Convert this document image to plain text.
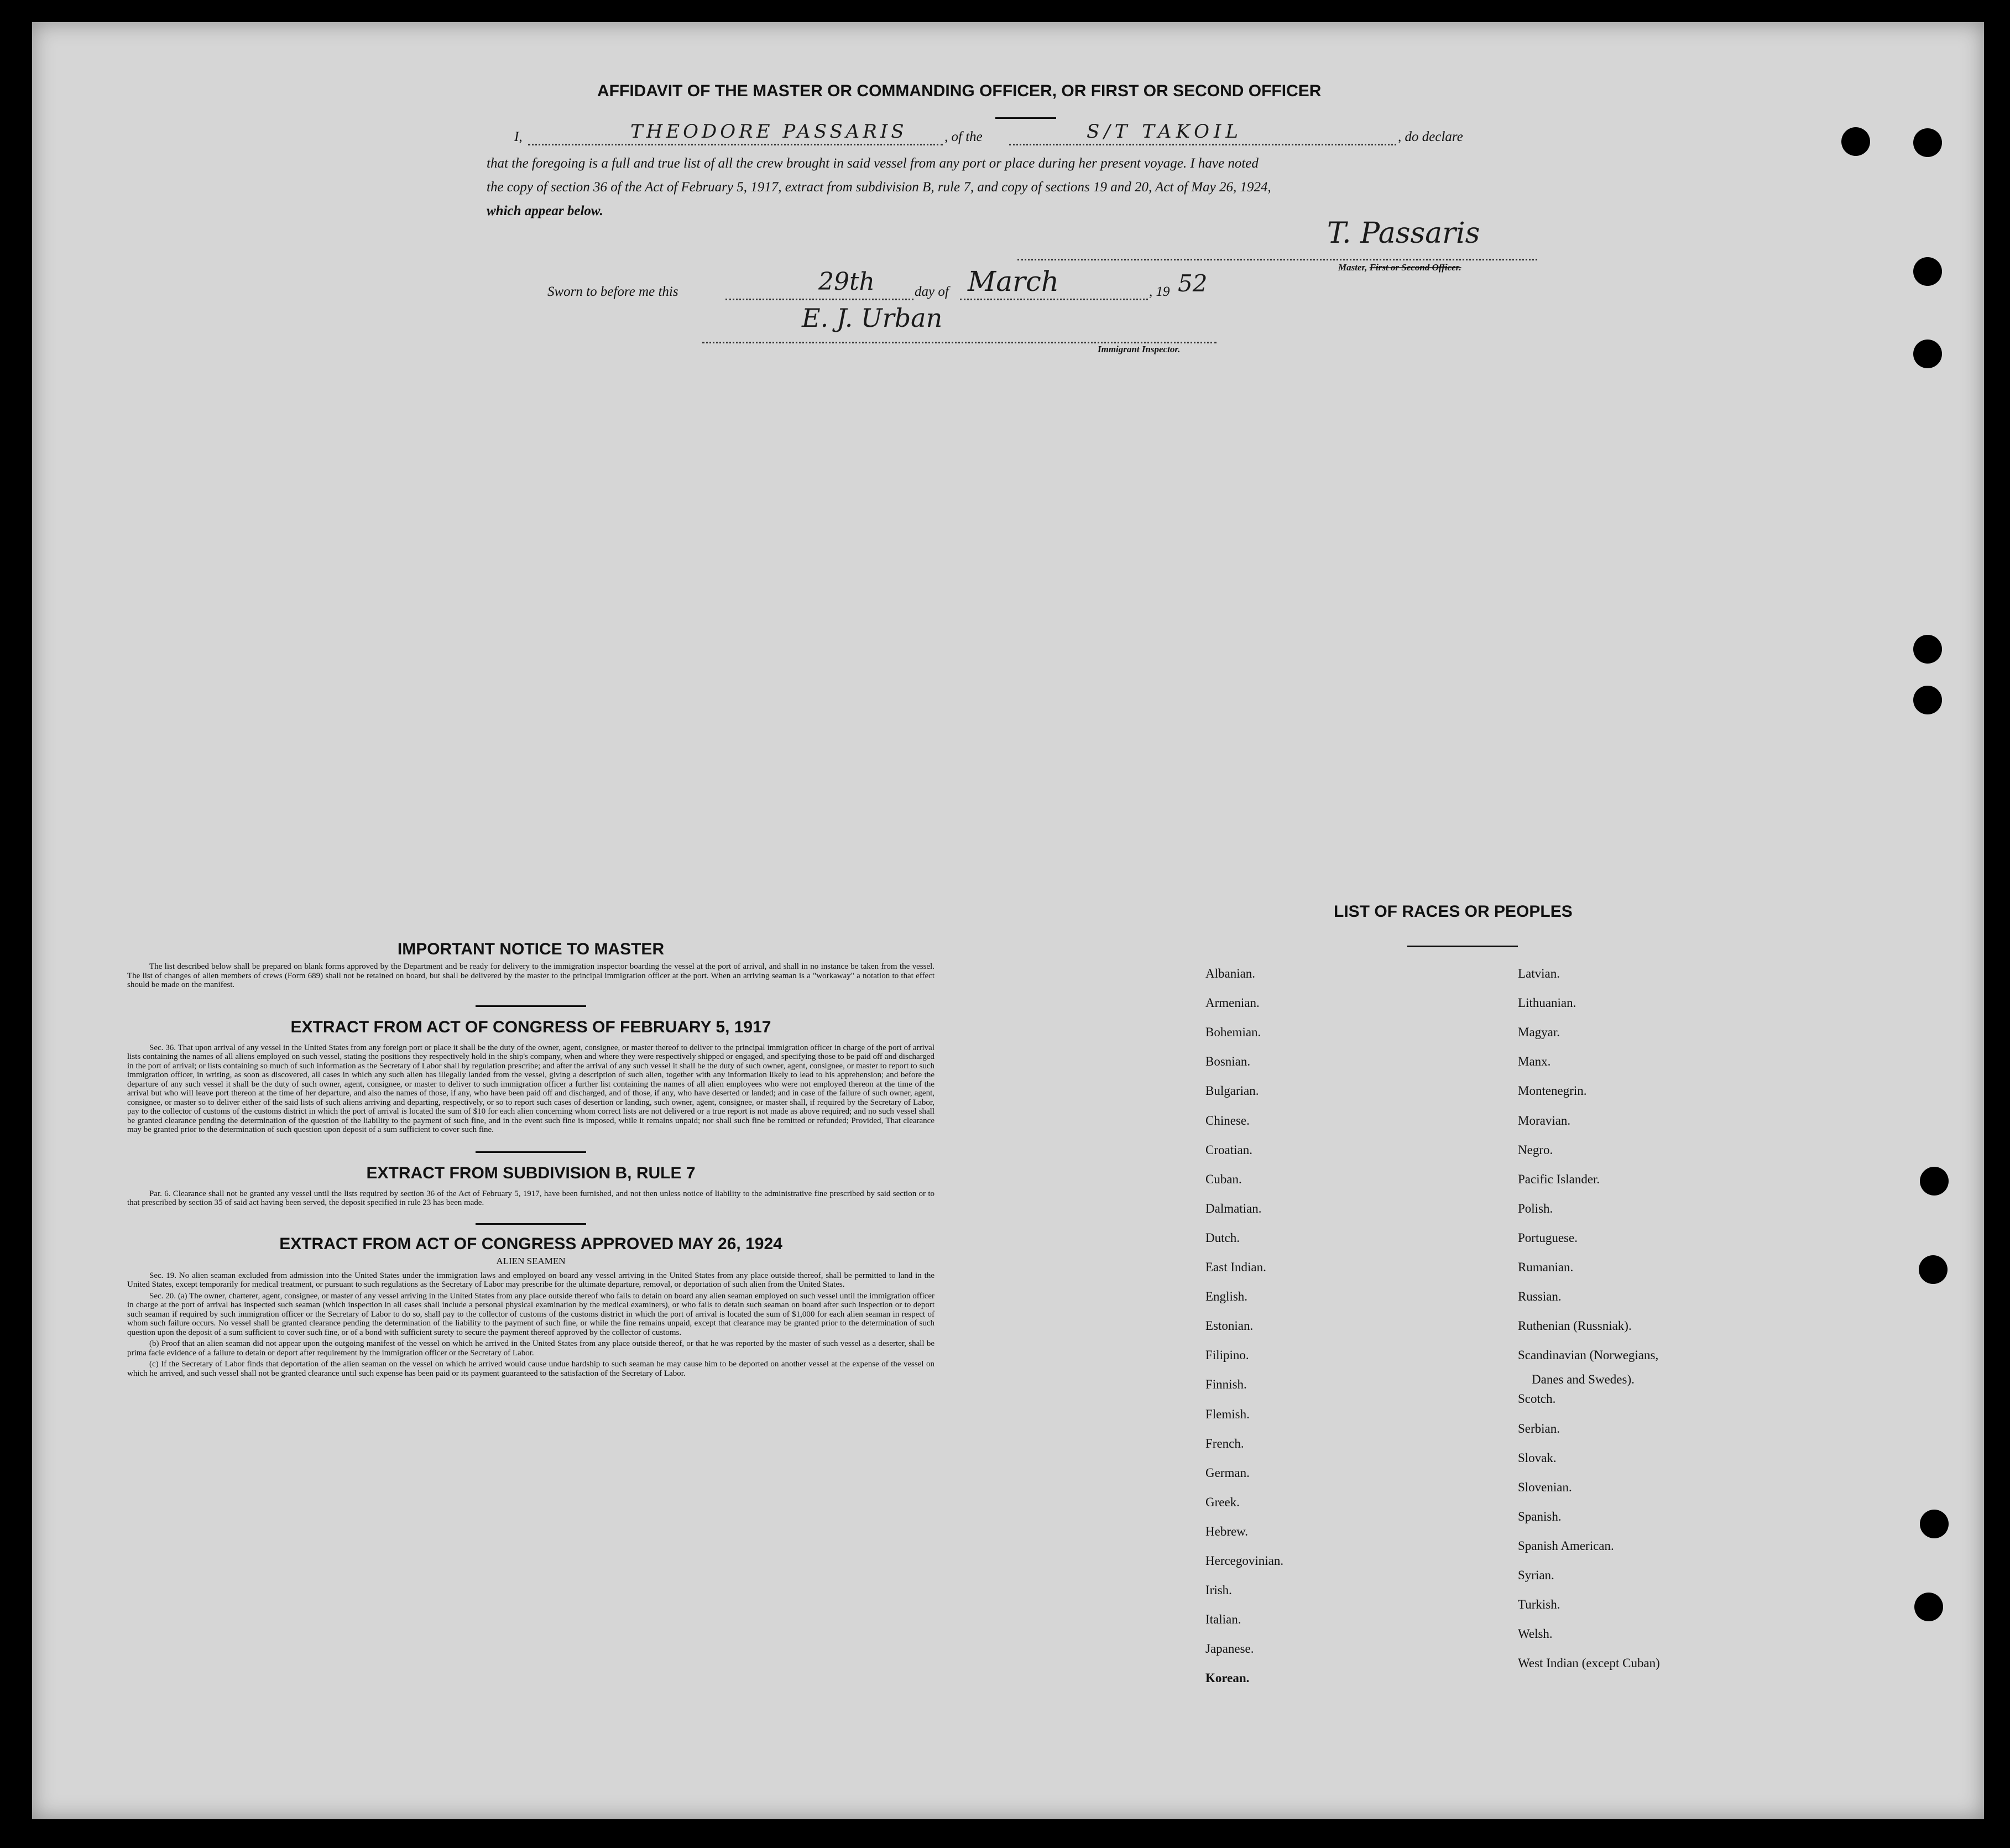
AFFIDAVIT OF THE MASTER OR COMMANDING OFFICER, OR FIRST OR SECOND OFFICER
I,	THEODORE PASSARIS	, of the	S/T TAKOIL	, do declare
that the foregoing is a full and true list of all the crew brought in said vessel from any port or place during her present voyage. I have noted
the copy of section 36 of the Act of February 5, 1917, extract from subdivision B, rule 7, and copy of sections 19 and 20, Act of May 26, 1924,
which appear below.
T. Passaris
Master, First or Second Officer.
Sworn to before me this	29th	day of March	, 19 52
E. J. Urban
Immigrant Inspector.
IMPORTANT NOTICE TO MASTER
The list described below shall be prepared on blank forms approved by the Department and be ready for delivery to the immigration inspector boarding the vessel at the port of arrival, and shall in no instance be taken from the vessel. The list of changes of alien members of crews (Form 689) shall not be retained on board, but shall be delivered by the master to the principal immigration officer at the port. When an arriving seaman is a "workaway" a notation to that effect should be made on the manifest.
EXTRACT FROM ACT OF CONGRESS OF FEBRUARY 5, 1917
Sec. 36. That upon arrival of any vessel in the United States from any foreign port or place it shall be the duty of the owner, agent, consignee, or master thereof to deliver to the principal immigration officer in charge of the port of arrival lists containing the names of all aliens employed on such vessel, stating the positions they respectively hold in the ship's company, when and where they were respectively shipped or engaged, and specifying those to be paid off and discharged in the port of arrival; or lists containing so much of such information as the Secretary of Labor shall by regulation prescribe; and after the arrival of any such vessel it shall be the duty of such owner, agent, consignee, or master to report to such immigration officer, in writing, as soon as discovered, all cases in which any such alien has illegally landed from the vessel, giving a description of such alien, together with any information likely to lead to his apprehension; and before the departure of any such vessel it shall be the duty of such owner, agent, consignee, or master to deliver to such immigration officer a further list containing the names of all alien employees who were not employed thereon at the time of the arrival but who will leave port thereon at the time of her departure, and also the names of those, if any, who have been paid off and discharged, and of those, if any, who have deserted or landed; and in case of the failure of such owner, agent, consignee, or master so to deliver either of the said lists of such aliens arriving and departing, respectively, or so to report such cases of desertion or landing, such owner, agent, consignee, or master shall, if required by the Secretary of Labor, pay to the collector of customs of the customs district in which the port of arrival is located the sum of $10 for each alien concerning whom correct lists are not delivered or a true report is not made as above required; and no such vessel shall be granted clearance pending the determination of the question of the liability to the payment of such fine, and in the event such fine is imposed, while it remains unpaid; nor shall such fine be remitted or refunded; Provided, That clearance may be granted prior to the determination of such question upon deposit of a sum sufficient to cover such fine.
EXTRACT FROM SUBDIVISION B, RULE 7
Par. 6. Clearance shall not be granted any vessel until the lists required by section 36 of the Act of February 5, 1917, have been furnished, and not then unless notice of liability to the administrative fine prescribed by said section or to that prescribed by section 35 of said act having been served, the deposit specified in rule 23 has been made.
EXTRACT FROM ACT OF CONGRESS APPROVED MAY 26, 1924
ALIEN SEAMEN
Sec. 19. No alien seaman excluded from admission into the United States under the immigration laws and employed on board any vessel arriving in the United States from any place outside thereof, shall be permitted to land in the United States, except temporarily for medical treatment, or pursuant to such regulations as the Secretary of Labor may prescribe for the ultimate departure, removal, or deportation of such alien from the United States.
Sec. 20. (a) The owner, charterer, agent, consignee, or master of any vessel arriving in the United States from any place outside thereof who fails to detain on board any alien seaman employed on such vessel until the immigration officer in charge at the port of arrival has inspected such seaman (which inspection in all cases shall include a personal physical examination by the medical examiners), or who fails to detain such seaman on board after such inspection or to deport such seaman if required by such immigration officer or the Secretary of Labor to do so, shall pay to the collector of customs of the customs district in which the port of arrival is located the sum of $1,000 for each alien seaman in respect of whom such failure occurs. No vessel shall be granted clearance pending the determination of the liability to the payment of such fine, or while the fine remains unpaid, except that clearance may be granted prior to the determination of such question upon the deposit of a sum sufficient to cover such fine, or of a bond with sufficient surety to secure the payment thereof approved by the collector of customs.
(b) Proof that an alien seaman did not appear upon the outgoing manifest of the vessel on which he arrived in the United States from any place outside thereof, or that he was reported by the master of such vessel as a deserter, shall be prima facie evidence of a failure to detain or deport after requirement by the immigration officer or the Secretary of Labor.
(c) If the Secretary of Labor finds that deportation of the alien seaman on the vessel on which he arrived would cause undue hardship to such seaman he may cause him to be deported on another vessel at the expense of the vessel on which he arrived, and such vessel shall not be granted clearance until such expense has been paid or its payment guaranteed to the satisfaction of the Secretary of Labor.
LIST OF RACES OR PEOPLES
Albanian.
Armenian.
Bohemian.
Bosnian.
Bulgarian.
Chinese.
Croatian.
Cuban.
Dalmatian.
Dutch.
East Indian.
English.
Estonian.
Filipino.
Finnish.
Flemish.
French.
German.
Greek.
Hebrew.
Hercegovinian.
Irish.
Italian.
Japanese.
Korean.
Latvian.
Lithuanian.
Magyar.
Manx.
Montenegrin.
Moravian.
Negro.
Pacific Islander.
Polish.
Portuguese.
Rumanian.
Russian.
Ruthenian (Russniak).
Scandinavian (Norwegians,
Danes and Swedes).
Scotch.
Serbian.
Slovak.
Slovenian.
Spanish.
Spanish American.
Syrian.
Turkish.
Welsh.
West Indian (except Cuban)
